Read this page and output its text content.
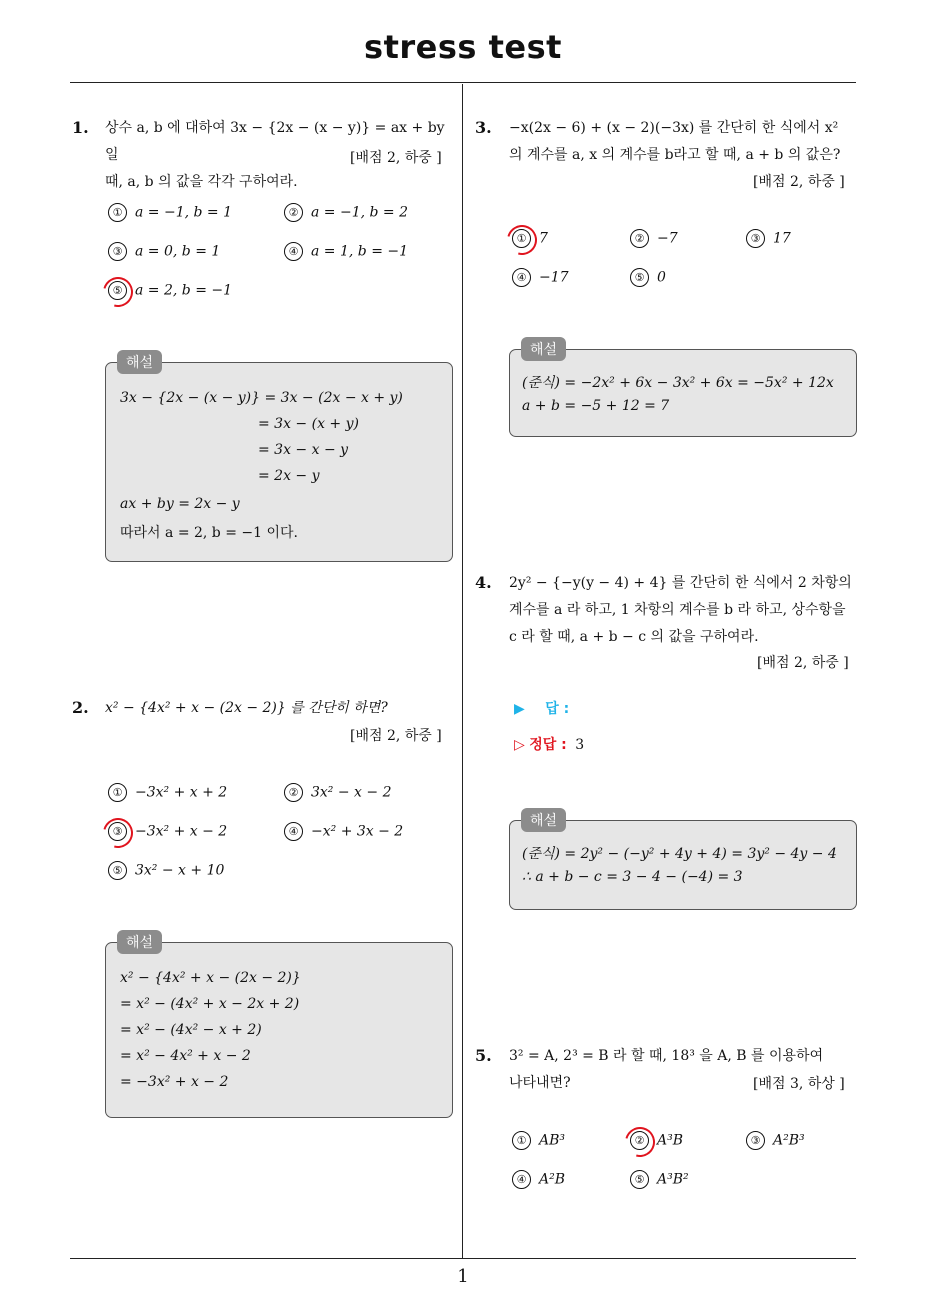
stress test
1
1. 상수 a, b 에 대하여 3x − {2x − (x − y)} = ax + by 일
때, a, b 의 값을 각각 구하여라.
[배점 2, 하중 ]
① a = −1, b = 1	② a = −1, b = 2
③ a = 0, b = 1	④ a = 1, b = −1
⑤ a = 2, b = −1
해설
3x − {2x − (x − y)} = 3x − (2x − x + y)
= 3x − (x + y)
= 3x − x − y
= 2x − y
ax + by = 2x − y
따라서 a = 2, b = −1 이다.
2. x² − {4x² + x − (2x − 2)} 를 간단히 하면?
[배점 2, 하중 ]
① −3x² + x + 2	② 3x² − x − 2
③ −3x² + x − 2	④ −x² + 3x − 2
⑤ 3x² − x + 10
해설
x² − {4x² + x − (2x − 2)}
= x² − (4x² + x − 2x + 2)
= x² − (4x² − x + 2)
= x² − 4x² + x − 2
= −3x² + x − 2
3. −x(2x − 6) + (x − 2)(−3x) 를 간단히 한 식에서 x²
의 계수를 a, x 의 계수를 b라고 할 때, a + b 의 값은?
[배점 2, 하중 ]
① 7	② −7	③ 17
④ −17	⑤ 0
해설
(준식) = −2x² + 6x − 3x² + 6x = −5x² + 12x
a + b = −5 + 12 = 7
4. 2y² − {−y(y − 4) + 4} 를 간단히 한 식에서 2 차항의
계수를 a 라 하고, 1 차항의 계수를 b 라 하고, 상수항을
c 라 할 때, a + b − c 의 값을 구하여라.
[배점 2, 하중 ]
▶ 답 :
▷ 정답 : 3
해설
(준식) = 2y² − (−y² + 4y + 4) = 3y² − 4y − 4
∴ a + b − c = 3 − 4 − (−4) = 3
5. 3² = A, 2³ = B 라 할 때, 18³ 을 A, B 를 이용하여
나타내면?	[배점 3, 하상 ]
① AB³	② A³B	③ A²B³
④ A²B	⑤ A³B²
